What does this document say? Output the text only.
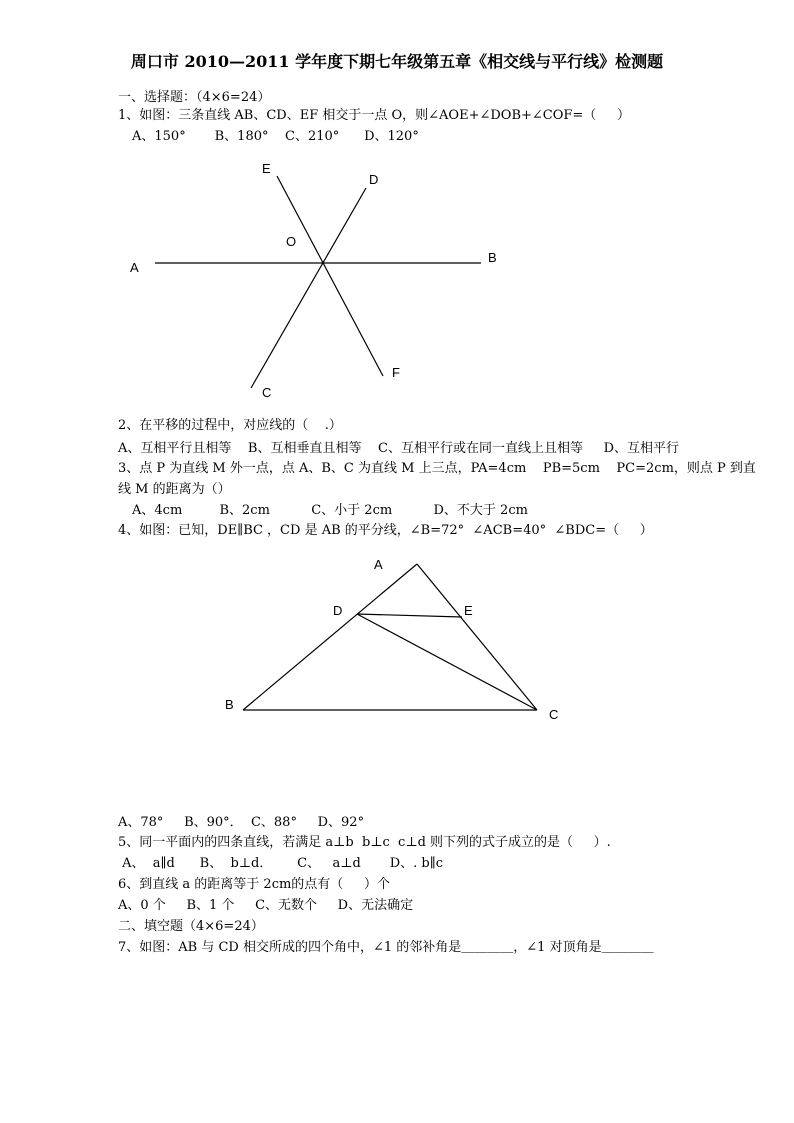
周口市 2010—2011 学年度下期七年级第五章《相交线与平行线》检测题
一、选择题：（4×6=24）
1、如图：三条直线 AB、CD、EF 相交于一点 O，则∠AOE+∠DOB+∠COF=（     ）
A、150°       B、180°    C、210°      D、120°
E
D
O
A
B
C
F
2、在平移的过程中，对应线的（    .）
A、互相平行且相等    B、互相垂直且相等    C、互相平行或在同一直线上且相等     D、互相平行
3、点 P 为直线 M 外一点，点 A、B、C 为直线 M 上三点，PA=4cm    PB=5cm    PC=2cm，则点 P 到直
线 M 的距离为（）
A、4cm         B、2cm          C、小于 2cm          D、不大于 2cm
4、如图：已知，DE∥BC ，CD 是 AB 的平分线，∠B=72°  ∠ACB=40°  ∠BDC=（     ）
A
D	E
B
C
A、78°     B、90°．  C、88°     D、92°
5、同一平面内的四条直线，若满足 a⊥b  b⊥c  c⊥d 则下列的式子成立的是（     ）.
A、  a∥d      B、  b⊥d．      C、   a⊥d       D、. b∥c
6、到直线 a 的距离等于 2cm的点有（     ）个
A、0 个     B、1 个     C、无数个     D、无法确定
二、填空题（4×6=24）
7、如图：AB 与 CD 相交所成的四个角中，∠1 的邻补角是＿＿＿＿，∠1 对顶角是＿＿＿＿
